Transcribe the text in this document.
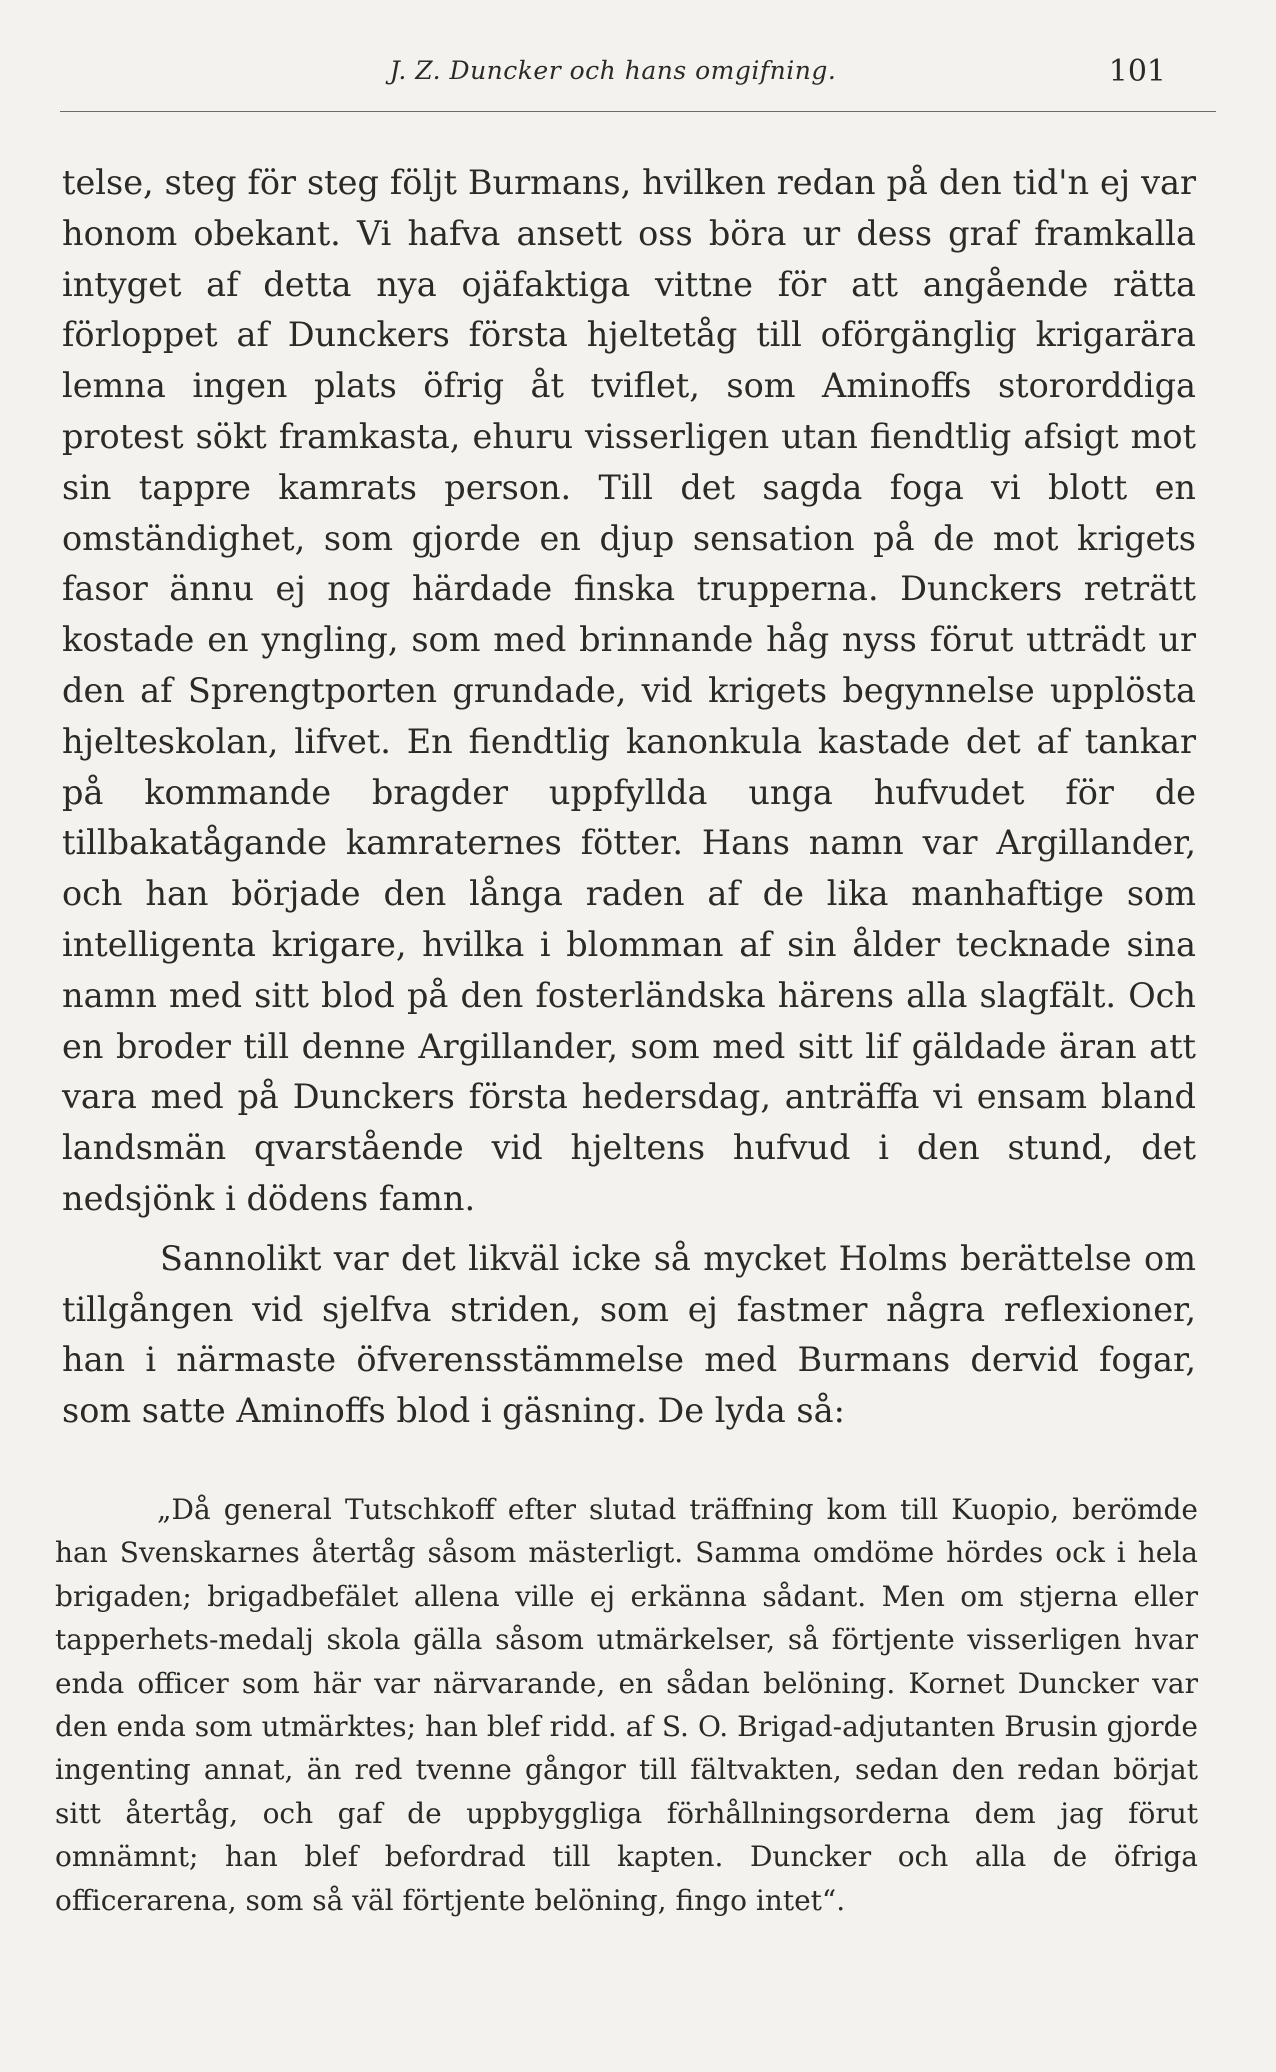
J. Z. Duncker och hans omgifning.	101

telse, steg för steg följt Burmans, hvilken redan på den tid'n ej var honom obekant. Vi hafva ansett oss böra ur dess graf framkalla intyget af detta nya ojäfaktiga vittne för att angående rätta förloppet af Dunckers första hjeltetåg till oförgänglig krigarära lemna ingen plats öfrig åt tviflet, som Aminoffs stororddiga protest sökt framkasta, ehuru visserligen utan fiendtlig afsigt mot sin tappre kamrats person. Till det sagda foga vi blott en omständighet, som gjorde en djup sensation på de mot krigets fasor ännu ej nog härdade finska trupperna. Dunckers reträtt kostade en yngling, som med brinnande håg nyss förut utträdt ur den af Sprengtporten grundade, vid krigets begynnelse upplösta hjelteskolan, lifvet. En fiendtlig kanonkula kastade det af tankar på kommande bragder uppfyllda unga hufvudet för de tillbakatågande kamraternes fötter. Hans namn var Argillander, och han började den långa raden af de lika manhaftige som intelligenta krigare, hvilka i blomman af sin ålder tecknade sina namn med sitt blod på den fosterländska härens alla slagfält. Och en broder till denne Argillander, som med sitt lif gäldade äran att vara med på Dunckers första hedersdag, anträffa vi ensam bland landsmän qvarstående vid hjeltens hufvud i den stund, det nedsjönk i dödens famn.

Sannolikt var det likväl icke så mycket Holms berättelse om tillgången vid sjelfva striden, som ej fastmer några reflexioner, han i närmaste öfverensstämmelse med Burmans dervid fogar, som satte Aminoffs blod i gäsning. De lyda så:

„Då general Tutschkoff efter slutad träffning kom till Kuopio, berömde han Svenskarnes återtåg såsom mästerligt. Samma omdöme hördes ock i hela brigaden; brigadbefälet allena ville ej erkänna sådant. Men om stjerna eller tapperhets-medalj skola gälla såsom utmärkelser, så förtjente visserligen hvar enda officer som här var närvarande, en sådan belöning. Kornet Duncker var den enda som utmärktes; han blef ridd. af S. O. Brigad-adjutanten Brusin gjorde ingenting annat, än red tvenne gångor till fältvakten, sedan den redan börjat sitt återtåg, och gaf de uppbyggliga förhållningsorderna dem jag förut omnämnt; han blef befordrad till kapten. Duncker och alla de öfriga officerarena, som så väl förtjente belöning, fingo intet“.
